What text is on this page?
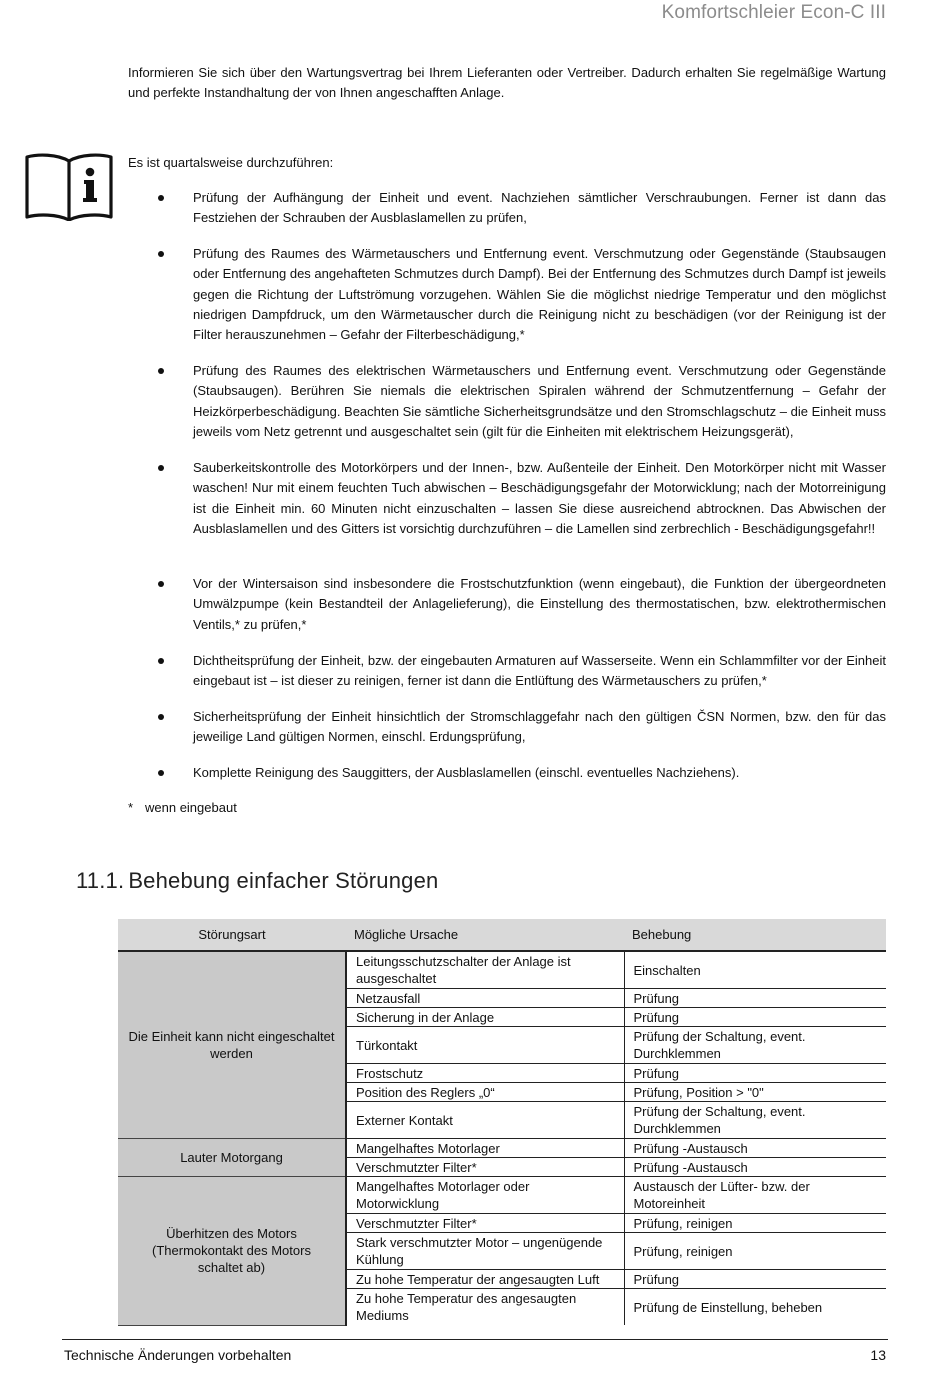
Komfortschleier Econ-C III

Informieren Sie sich über den Wartungsvertrag bei Ihrem Lieferanten oder Vertreiber. Dadurch erhalten Sie regelmäßige Wartung und perfekte Instandhaltung der von Ihnen angeschafften Anlage.

Es ist quartalsweise durchzuführen:

Prüfung der Aufhängung der Einheit und event. Nachziehen sämtlicher Verschraubungen. Ferner ist dann das Festziehen der Schrauben der Ausblaslamellen zu prüfen,
Prüfung des Raumes des Wärmetauschers und Entfernung event. Verschmutzung oder Gegenstände (Staubsaugen oder Entfernung des angehafteten Schmutzes durch Dampf). Bei der Entfernung des Schmutzes durch Dampf ist jeweils gegen die Richtung der Luftströmung vorzugehen. Wählen Sie die möglichst niedrige Temperatur und den möglichst niedrigen Dampfdruck, um den Wärmetauscher durch die Reinigung nicht zu beschädigen (vor der Reinigung ist der Filter herauszunehmen – Gefahr der Filterbeschädigung,*
Prüfung des Raumes des elektrischen Wärmetauschers und Entfernung event. Verschmutzung oder Gegenstände (Staubsaugen). Berühren Sie niemals die elektrischen Spiralen während der Schmutzentfernung – Gefahr der Heizkörperbeschädigung. Beachten Sie sämtliche Sicherheitsgrundsätze und den Stromschlagschutz – die Einheit muss jeweils vom Netz getrennt und ausgeschaltet sein (gilt für die Einheiten mit elektrischem Heizungsgerät),
Sauberkeitskontrolle des Motorkörpers und der Innen-, bzw. Außenteile der Einheit. Den Motorkörper nicht mit Wasser waschen! Nur mit einem feuchten Tuch abwischen – Beschädigungsgefahr der Motorwicklung; nach der Motorreinigung ist die Einheit min. 60 Minuten nicht einzuschalten – lassen Sie diese ausreichend abtrocknen. Das Abwischen der Ausblaslamellen und des Gitters ist vorsichtig durchzuführen – die Lamellen sind zerbrechlich - Beschädigungsgefahr!!
Vor der Wintersaison sind insbesondere die Frostschutzfunktion (wenn eingebaut), die Funktion der übergeordneten Umwälzpumpe (kein Bestandteil der Anlagelieferung), die Einstellung des thermostatischen, bzw. elektrothermischen Ventils,* zu prüfen,*
Dichtheitsprüfung der Einheit, bzw. der eingebauten Armaturen auf Wasserseite. Wenn ein Schlammfilter vor der Einheit eingebaut ist – ist dieser zu reinigen, ferner ist dann die Entlüftung des Wärmetauschers zu prüfen,*
Sicherheitsprüfung der Einheit hinsichtlich der Stromschlaggefahr nach den gültigen ČSN Normen, bzw. den für das jeweilige Land gültigen Normen, einschl. Erdungsprüfung,
Komplette Reinigung des Sauggitters, der Ausblaslamellen (einschl. eventuelles Nachziehens).
* wenn eingebaut
11.1. Behebung einfacher Störungen
Störungsart	Mögliche Ursache	Behebung
Die Einheit kann nicht eingeschaltet werden	Leitungsschutzschalter der Anlage ist ausgeschaltet	Einschalten
	Netzausfall	Prüfung
	Sicherung in der Anlage	Prüfung
	Türkontakt	Prüfung der Schaltung, event. Durchklemmen
	Frostschutz	Prüfung
	Position des Reglers „0“	Prüfung, Position > "0"
	Externer Kontakt	Prüfung der Schaltung, event. Durchklemmen
Lauter Motorgang	Mangelhaftes Motorlager	Prüfung -Austausch
	Verschmutzter Filter*	Prüfung -Austausch
Überhitzen des Motors (Thermokontakt des Motors schaltet ab)	Mangelhaftes Motorlager oder Motorwicklung	Austausch der Lüfter- bzw. der Motoreinheit
	Verschmutzter Filter*	Prüfung, reinigen
	Stark verschmutzter Motor – ungenügende Kühlung	Prüfung, reinigen
	Zu hohe Temperatur der angesaugten Luft	Prüfung
	Zu hohe Temperatur des angesaugten Mediums	Prüfung de Einstellung, beheben
Technische Änderungen vorbehalten	13
